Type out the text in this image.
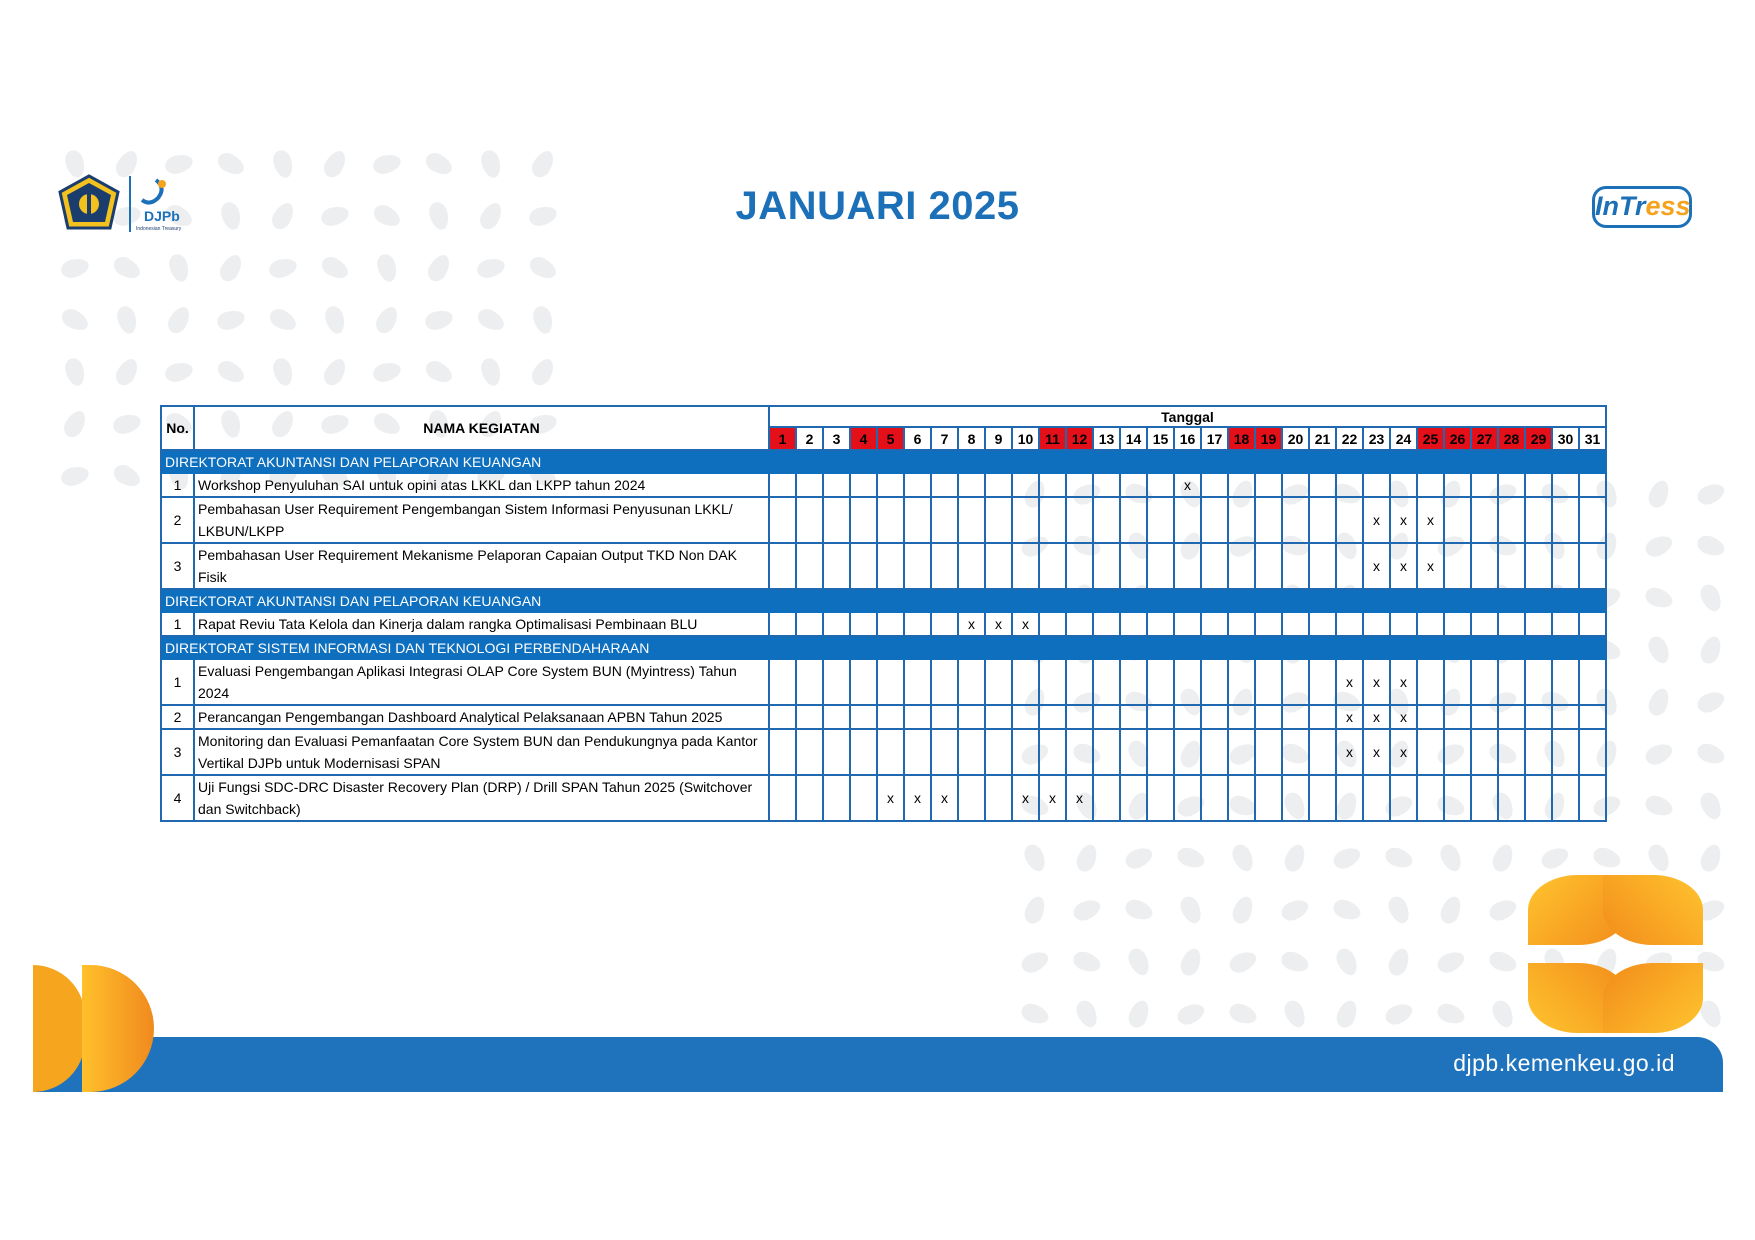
DJPb
Indonesian Treasury
JANUARI 2025	InTress
No.	NAMA KEGIATAN	Tanggal																														
		1	2	3	4	5	6	7	8	9	10	11	12	13	14	15	16	17	18	19	20	21	22	23	24	25	26	27	28	29	30	31
DIREKTORAT AKUNTANSI DAN PELAPORAN KEUANGAN																																
1	Workshop Penyuluhan SAI untuk opini atas LKKL dan LKPP tahun 2024																x															
2	Pembahasan User Requirement Pengembangan Sistem Informasi Penyusunan LKKL/ LKBUN/LKPP																							x	x	x						
3	Pembahasan User Requirement Mekanisme Pelaporan Capaian Output TKD Non DAK Fisik																							x	x	x						
DIREKTORAT AKUNTANSI DAN PELAPORAN KEUANGAN																																
1	Rapat Reviu Tata Kelola dan Kinerja dalam rangka Optimalisasi Pembinaan BLU								x	x	x																					
DIREKTORAT SISTEM INFORMASI DAN TEKNOLOGI PERBENDAHARAAN																																
1	Evaluasi Pengembangan Aplikasi Integrasi OLAP Core System BUN (Myintress) Tahun 2024																						x	x	x							
2	Perancangan Pengembangan Dashboard Analytical Pelaksanaan APBN Tahun 2025																						x	x	x							
3	Monitoring dan Evaluasi Pemanfaatan Core System BUN dan Pendukungnya pada Kantor Vertikal DJPb untuk Modernisasi SPAN																						x	x	x							
4	Uji Fungsi SDC-DRC Disaster Recovery Plan (DRP) / Drill SPAN Tahun 2025 (Switchover dan Switchback)					x	x	x			x	x	x																			
djpb.kemenkeu.go.id
